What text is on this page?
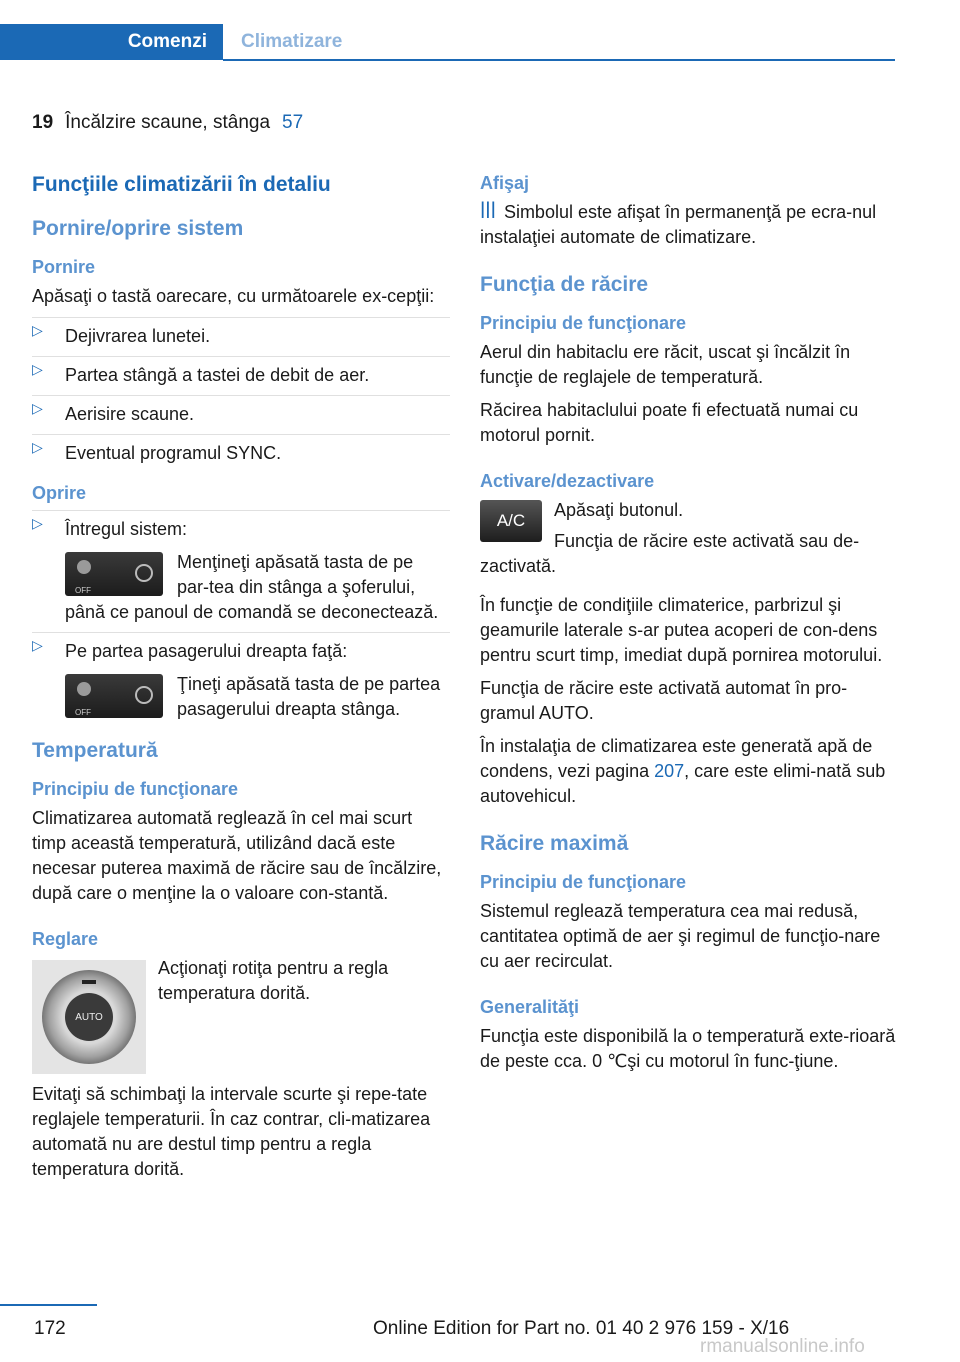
Comenzi	Climatizare
19 Încălzire scaune, stânga 57
Funcţiile climatizării în detaliu
Pornire/oprire sistem
Pornire

Apăsaţi o tastă oarecare, cu următoarele ex‐cepţii:

▷ Dejivrarea lunetei.
▷ Partea stângă a tastei de debit de aer.
▷ Aerisire scaune.
▷ Eventual programul SYNC.
Oprire
▷ Întregul sistem:
OFF
Menţineţi apăsată tasta de pe par‐tea din stânga a şoferului, până ce panoul de comandă se deconectează.
▷ Pe partea pasagerului dreapta faţă:
OFF
Ţineţi apăsată tasta de pe partea pasagerului dreapta stânga.
Temperatură
Principiu de funcţionare

Climatizarea automată reglează în cel mai scurt timp această temperatură, utilizând dacă este necesar puterea maximă de răcire sau de încălzire, după care o menţine la o valoare con‐stantă.

Reglare
AUTO

Acţionaţi rotiţa pentru a regla temperatura dorită.

Evitaţi să schimbaţi la intervale scurte şi repe‐tate reglajele temperaturii. În caz contrar, cli‐matizarea automată nu are destul timp pentru a regla temperatura dorită.

Afişaj

ꟾꟾꟾ Simbolul este afişat în permanenţă pe ecra‐nul instalaţiei automate de climatizare.

Funcţia de răcire
Principiu de funcţionare

Aerul din habitaclu ere răcit, uscat şi încălzit în funcţie de reglajele de temperatură.

Răcirea habitaclului poate fi efectuată numai cu motorul pornit.

Activare/dezactivare
A/C

Apăsaţi butonul.

Funcţia de răcire este activată sau de‐zactivată.

În funcţie de condiţiile climaterice, parbrizul şi geamurile laterale s-ar putea acoperi de con‐dens pentru scurt timp, imediat după pornirea motorului.

Funcţia de răcire este activată automat în pro‐gramul AUTO.

În instalaţia de climatizarea este generată apă de condens, vezi pagina 207, care este elimi‐nată sub autovehicul.

Răcire maximă
Principiu de funcţionare

Sistemul reglează temperatura cea mai redusă, cantitatea optimă de aer şi regimul de funcţio‐nare cu aer recirculat.

Generalităţi

Funcţia este disponibilă la o temperatură exte‐rioară de peste cca. 0 ℃şi cu motorul în func‐ţiune.

172	Online Edition for Part no. 01 40 2 976 159 - X/16
rmanualsonline.info
